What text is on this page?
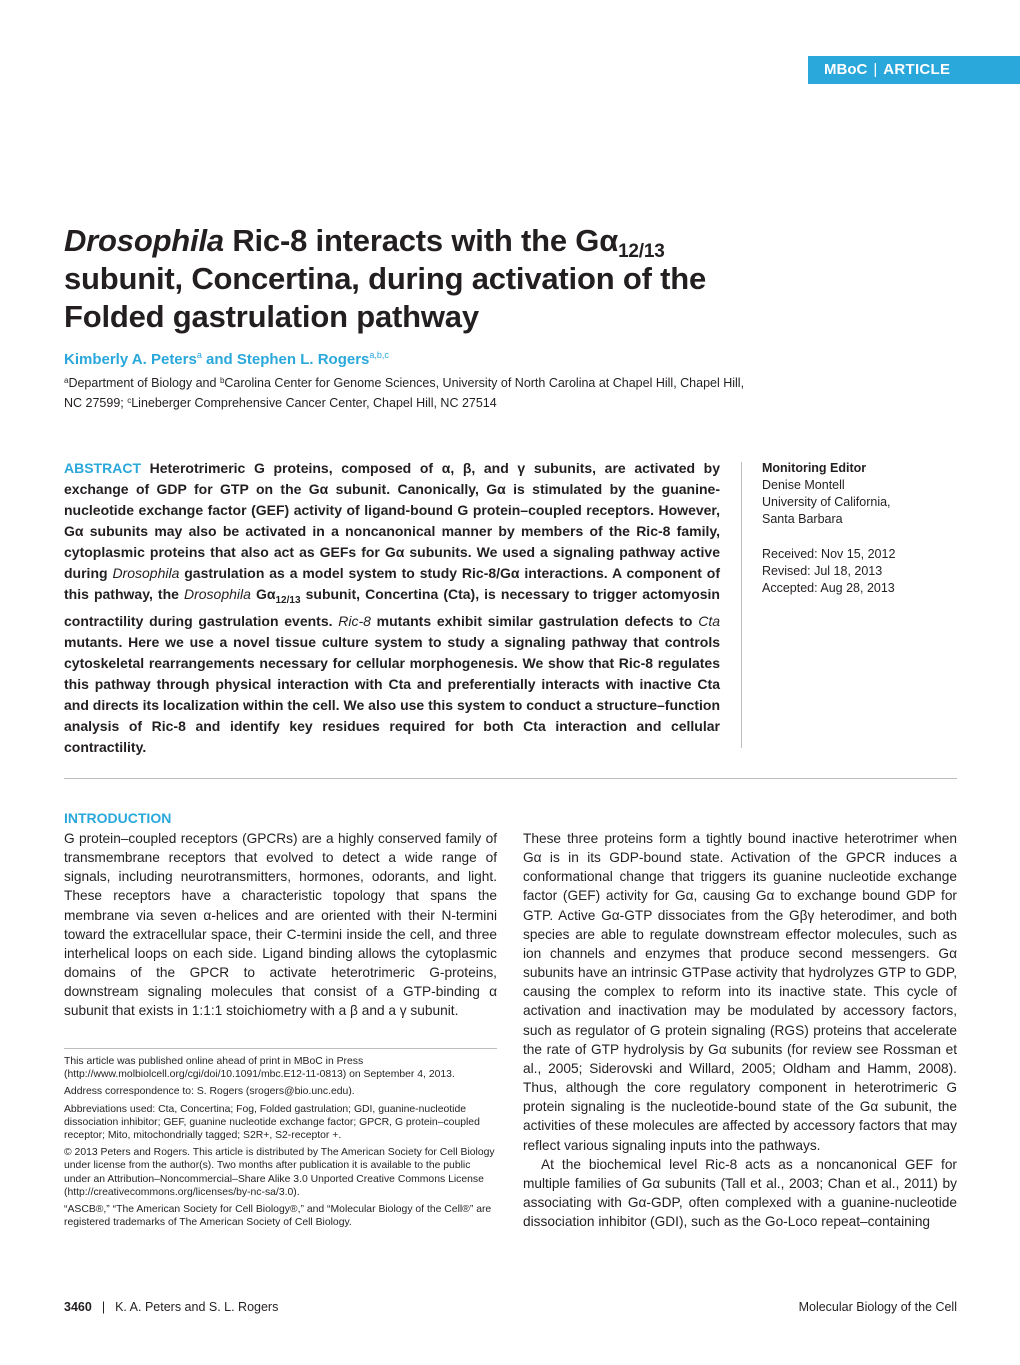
MBoC | ARTICLE
Drosophila Ric-8 interacts with the $G\alpha_{12/13}$ subunit, Concertina, during activation of the Folded gastrulation pathway
Kimberly A. Peters$^a$ and Stephen L. Rogers$^{a,b,c}$
$^a$Department of Biology and $^b$Carolina Center for Genome Sciences, University of North Carolina at Chapel Hill, Chapel Hill, NC 27599; $^c$Lineberger Comprehensive Cancer Center, Chapel Hill, NC 27514
ABSTRACT Heterotrimeric G proteins, composed of α, β, and γ subunits, are activated by exchange of GDP for GTP on the Gα subunit. Canonically, Gα is stimulated by the guanine-nucleotide exchange factor (GEF) activity of ligand-bound G protein–coupled receptors. However, Gα subunits may also be activated in a noncanonical manner by members of the Ric-8 family, cytoplasmic proteins that also act as GEFs for Gα subunits. We used a signaling pathway active during Drosophila gastrulation as a model system to study Ric-8/Gα interactions. A component of this pathway, the Drosophila $G\alpha_{12/13}$ subunit, Concertina (Cta), is necessary to trigger actomyosin contractility during gastrulation events. Ric-8 mutants exhibit similar gastrulation defects to Cta mutants. Here we use a novel tissue culture system to study a signaling pathway that controls cytoskeletal rearrangements necessary for cellular morphogenesis. We show that Ric-8 regulates this pathway through physical interaction with Cta and preferentially interacts with inactive Cta and directs its localization within the cell. We also use this system to conduct a structure–function analysis of Ric-8 and identify key residues required for both Cta interaction and cellular contractility.
Monitoring Editor
Denise Montell
University of California, Santa Barbara
Received: Nov 15, 2012
Revised: Jul 18, 2013
Accepted: Aug 28, 2013
INTRODUCTION

G protein–coupled receptors (GPCRs) are a highly conserved family of transmembrane receptors that evolved to detect a wide range of signals, including neurotransmitters, hormones, odorants, and light. These receptors have a characteristic topology that spans the membrane via seven α-helices and are oriented with their N-termini toward the extracellular space, their C-termini inside the cell, and three interhelical loops on each side. Ligand binding allows the cytoplasmic domains of the GPCR to activate heterotrimeric G-proteins, downstream signaling molecules that consist of a GTP-binding α subunit that exists in 1:1:1 stoichiometry with a β and a γ subunit.

These three proteins form a tightly bound inactive heterotrimer when Gα is in its GDP-bound state. Activation of the GPCR induces a conformational change that triggers its guanine nucleotide exchange factor (GEF) activity for Gα, causing Gα to exchange bound GDP for GTP. Active Gα-GTP dissociates from the Gβγ heterodimer, and both species are able to regulate downstream effector molecules, such as ion channels and enzymes that produce second messengers. Gα subunits have an intrinsic GTPase activity that hydrolyzes GTP to GDP, causing the complex to reform into its inactive state. This cycle of activation and inactivation may be modulated by accessory factors, such as regulator of G protein signaling (RGS) proteins that accelerate the rate of GTP hydrolysis by Gα subunits (for review see Rossman et al., 2005; Siderovski and Willard, 2005; Oldham and Hamm, 2008). Thus, although the core regulatory component in heterotrimeric G protein signaling is the nucleotide-bound state of the Gα subunit, the activities of these molecules are affected by accessory factors that may reflect various signaling inputs into the pathways.

At the biochemical level Ric-8 acts as a noncanonical GEF for multiple families of Gα subunits (Tall et al., 2003; Chan et al., 2011) by associating with Gα-GDP, often complexed with a guanine-nucleotide dissociation inhibitor (GDI), such as the Go-Loco repeat–containing

This article was published online ahead of print in MBoC in Press (http://www.molbiolcell.org/cgi/doi/10.1091/mbc.E12-11-0813) on September 4, 2013.

Address correspondence to: S. Rogers (srogers@bio.unc.edu).

Abbreviations used: Cta, Concertina; Fog, Folded gastrulation; GDI, guanine-nucleotide dissociation inhibitor; GEF, guanine nucleotide exchange factor; GPCR, G protein–coupled receptor; Mito, mitochondrially tagged; S2R+, S2-receptor +.

© 2013 Peters and Rogers. This article is distributed by The American Society for Cell Biology under license from the author(s). Two months after publication it is available to the public under an Attribution–Noncommercial–Share Alike 3.0 Unported Creative Commons License (http://creativecommons.org/licenses/by-nc-sa/3.0).

“ASCB®,” “The American Society for Cell Biology®,” and “Molecular Biology of the Cell®” are registered trademarks of The American Society of Cell Biology.

3460 | K. A. Peters and S. L. Rogers	Molecular Biology of the Cell
